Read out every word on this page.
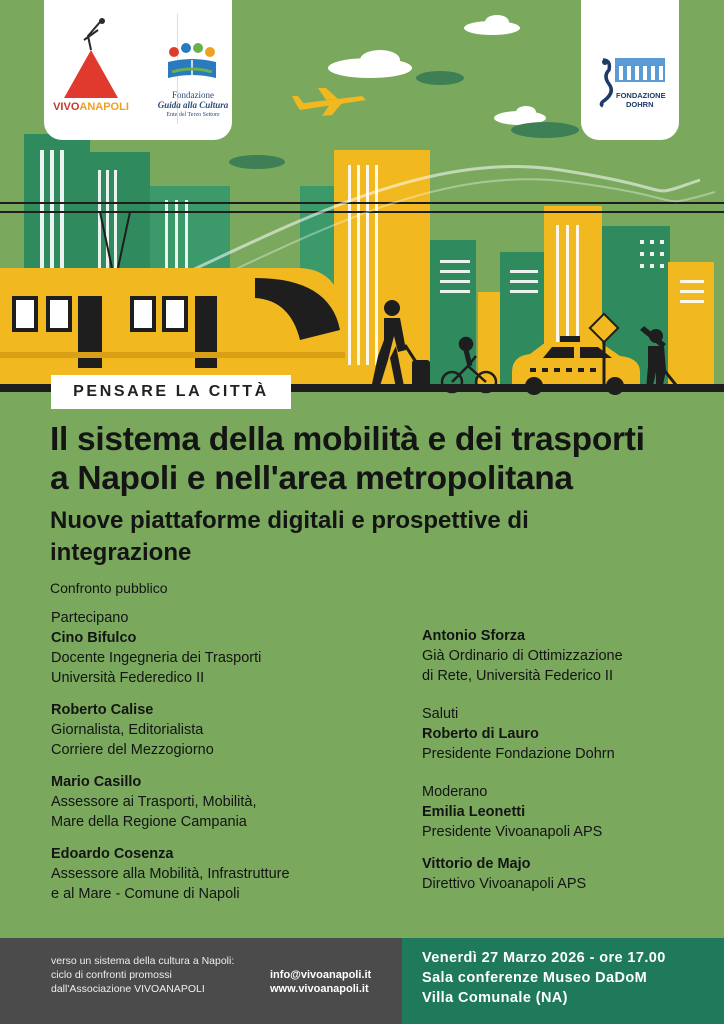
VIVOANAPOLI
Fondazione
Guida alla Cultura
Ente del Terzo Settore
FONDAZIONE
DOHRN
PENSARE LA CITTÀ
Il sistema della mobilità e dei trasporti
a Napoli e nell'area metropolitana
Nuove piattaforme digitali e prospettive di
integrazione
Confronto pubblico
Partecipano
Cino Bifulco
Docente Ingegneria dei Trasporti
Università Federedico II
Roberto Calise
Giornalista, Editorialista
Corriere del Mezzogiorno
Mario Casillo
Assessore ai Trasporti, Mobilità,
Mare della Regione Campania
Edoardo Cosenza
Assessore alla Mobilità, Infrastrutture
e al Mare - Comune di Napoli
Antonio Sforza
Già Ordinario di Ottimizzazione
di Rete, Università Federico II
Saluti
Roberto di Lauro
Presidente Fondazione Dohrn
Moderano
Emilia Leonetti
Presidente Vivoanapoli APS
Vittorio de Majo
Direttivo Vivoanapoli APS
verso un sistema della cultura a Napoli:
ciclo di confronti promossi
dall'Associazione VIVOANAPOLI
info@vivoanapoli.it
www.vivoanapoli.it
Venerdì 27 Marzo 2026 - ore 17.00
Sala conferenze Museo DaDoM
Villa Comunale (NA)
